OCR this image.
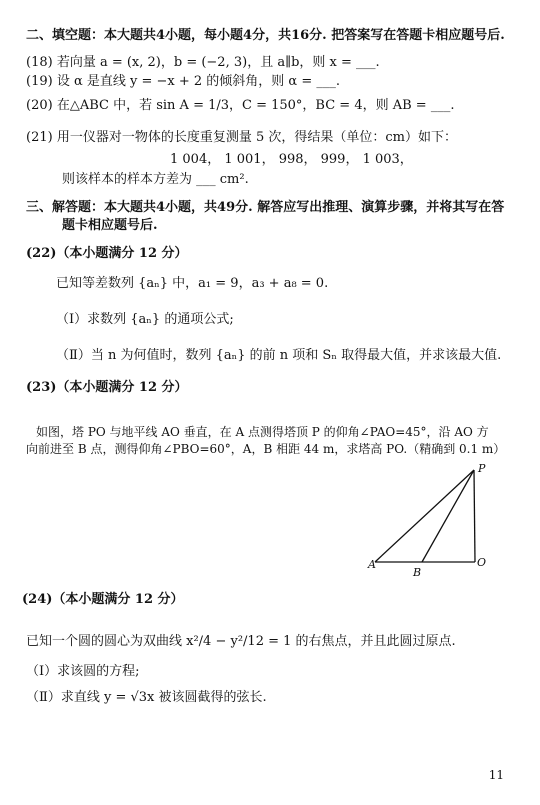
二、填空题：本大题共4小题，每小题4分，共16分. 把答案写在答题卡相应题号后.
(18) 若向量 a = (x, 2)，b = (−2, 3)，且 a∥b，则 x = ___.
(19) 设 α 是直线 y = −x + 2 的倾斜角，则 α = ___.
(20) 在△ABC 中，若 sin A = 1/3，C = 150°，BC = 4，则 AB = ___.
(21) 用一仪器对一物体的长度重复测量 5 次，得结果（单位：cm）如下：
1 004， 1 001， 998， 999， 1 003，
则该样本的样本方差为 ___ cm².
三、解答题：本大题共4小题，共49分. 解答应写出推理、演算步骤，并将其写在答
题卡相应题号后.
(22)（本小题满分 12 分）
已知等差数列 {aₙ} 中，a₁ = 9，a₃ + a₈ = 0.
（Ⅰ）求数列 {aₙ} 的通项公式;
（Ⅱ）当 n 为何值时，数列 {aₙ} 的前 n 项和 Sₙ 取得最大值，并求该最大值.
(23)（本小题满分 12 分）
如图，塔 PO 与地平线 AO 垂直，在 A 点测得塔顶 P 的仰角∠PAO=45°，沿 AO 方
向前进至 B 点，测得仰角∠PBO=60°，A，B 相距 44 m，求塔高 PO.（精确到 0.1 m）
P
A
B
O
(24)（本小题满分 12 分）
已知一个圆的圆心为双曲线 x²/4 − y²/12 = 1 的右焦点，并且此圆过原点.
（Ⅰ）求该圆的方程;
（Ⅱ）求直线 y = √3x 被该圆截得的弦长.
11
